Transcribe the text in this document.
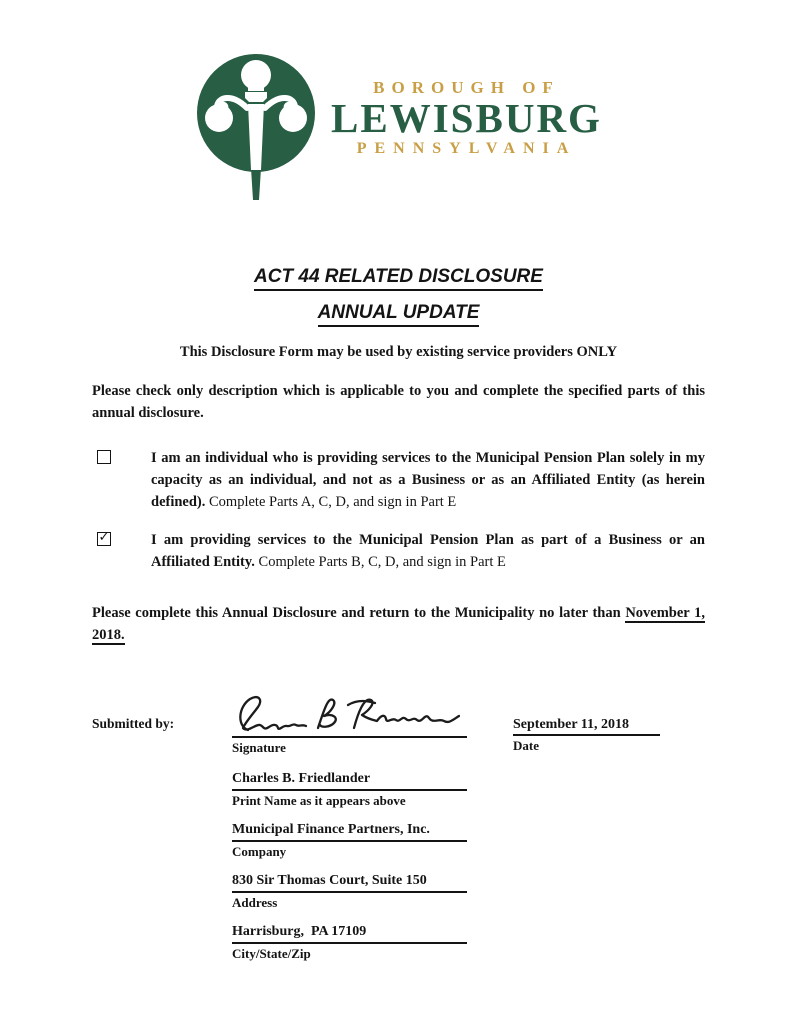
BOROUGH OF
LEWISBURG
PENNSYLVANIA
ACT 44 RELATED DISCLOSURE
ANNUAL UPDATE
This Disclosure Form may be used by existing service providers ONLY

Please check only description which is applicable to you and complete the specified parts of this annual disclosure.

I am an individual who is providing services to the Municipal Pension Plan solely in my capacity as an individual, and not as a Business or as an Affiliated Entity (as herein defined). Complete Parts A, C, D, and sign in Part E
✓	I am providing services to the Municipal Pension Plan as part of a Business or an Affiliated Entity. Complete Parts B, C, D, and sign in Part E

Please complete this Annual Disclosure and return to the Municipality no later than November 1, 2018.

Submitted by:
Signature
September 11, 2018
Date
Charles B. Friedlander
Print Name as it appears above
Municipal Finance Partners, Inc.
Company
830 Sir Thomas Court, Suite 150
Address
Harrisburg,  PA 17109
City/State/Zip
